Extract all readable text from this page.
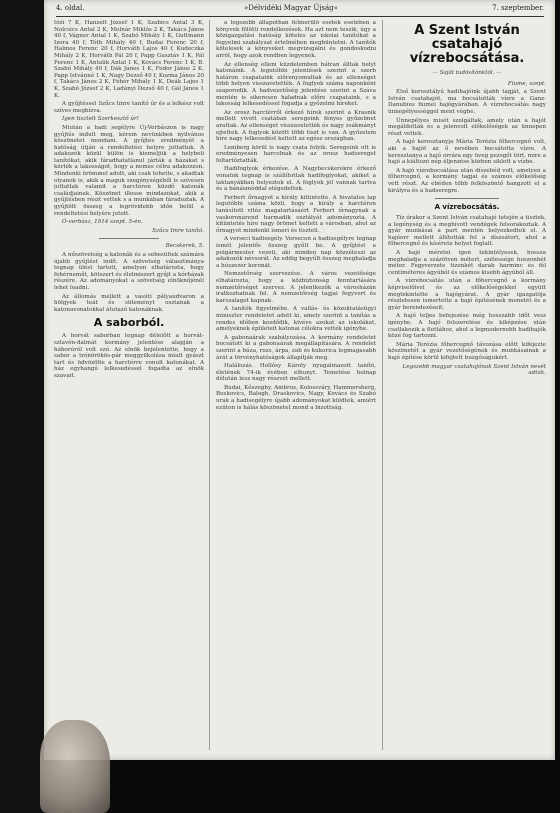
4. oldal.	»Délvidéki Magyar Újság«	7. szeptember.

tőzi 7 K, Hanzelt József 1 K, Szabics Antal 3 K, Nolcsics Antal 2 K, Molnár Miklós 2 K, Takács János 40 f, Vágner Antal 1 K, Szabó Mihály 1 K, Guttmann Izora 40 f, Tóth Mihály 40 f, Budai Ferenc 20 f, Halmos Ferenc 20 f, Horváth Lajos 40 f, Kudeczka Mihály 2 K, Horváth Pál 20 f, Papp Gusztáv 1 K, Pál Ferenc 1 K, Antalik Antal 1 K, Kovács Ferenc 1 K, B. Szabó Mihály 40 f, Dák János 1 K, Fodor János 2 K, Papp Istvánné 1 K, Nagy Dezső 40 f, Kozma János 20 f, Takács János 2 K, Fehér Mihály 1 K, Deák Lajos 1 K, Szabó József 2 K, Ladányi Dezső 40 f, Gál János 1 K.

A gyűjtéssel Szűcs Imre tanító úr és a lelkész volt szíves megbízva.

Igen tisztelt Szerkesztő úr!

Miután a hadi segélyre Új-Verbászon is nagy gyűjtés indult meg, kérem nevünkben nyilvános köszönetet mondani. A gyűjtés eredményét a hatóság útján a rendeltetési helyre juttattuk. A adakozók közül külön is kiemeljük a helybeli tanítókat, akik fáradhatatlanul járták a házakat s kérték a lakosságot, hogy a nemes célra adakozzon. Mindenki örömmel adott, aki csak tehette, s akadtak olyanok is, akik a maguk szegénységéből is szívesen juttattak valamit a harctéren küzdő katonák családjainak. Köszönet illesse mindazokat, akik a gyűjtésben részt vettek s a munkában fáradoztak. A gyűjtött összeg a legrövidebb időn belül a rendeltetési helyére jutott.

Ó-verbász, 1914 szept. 5-én.

Szűcs Imre tanító.

Becskerek, 5.

A nőszövetség a katonák és a sebesültek számára újabb gyűjtést indít. A szövetség választmánya tegnap ülést tartott, amelyen elhatározta, hogy fehérneműt, kötszert és élelmiszert gyűjt a kórházak részére. Az adományokat a szövetség elnöknőjénél lehet leadni.

Az állomás mellett a vasúti pályaudvaron a hölgyek teát és süteményt osztanak a katonavonatokkal átutazó katonáknak.

A saborból.

A horvát saborban tegnap délelőtt a horvát-szlavón-dalmát kormány jelentése alapján a háborúról volt szó. Az elnök bejelentette, hogy a sabor a trónörökös-pár meggyilkolása miatt gyászt tart és üdvözölte a harctérre vonult katonákat. A ház egyhangú lelkesedéssel fogadta az elnök szavait.

a legszebb állapotban felmerülő esetek esetében a könyvek fölötti rendelkezések. Ha azt nem teszik, úgy a közigazgatási hatóság köteles az iskolai tanítókat a fegyelmi szabályzat értelmében megbüntetni. A tanítók kötelesek a könyveket megvizsgálni és gondoskodni arról, hogy azok rendben legyenek.

Az ellenség elleni küzdelemben bátran álltak helyt katonáink. A legutóbbi jelentések szerint a szerb határon csapataink előrenyomultak és az ellenséget több helyen visszavetették. A foglyok száma naponként szaporodik. A hadvezetőség jelentése szerint a Száva mentén is sikeresen haladnak előre csapataink, s a lakosság lelkesedéssel fogadja a győzelmi híreket.

Az orosz harctérről érkező hírek szerint a Krasnik mellett vívott csatában seregeink fényes győzelmet arattak. Az ellenséget visszavetették és nagy zsákmányt ejtettek. A foglyok között több tiszt is van. A győzelem híre nagy lelkesedést keltett az egész országban.

Lemberg körül is nagy csata folyik. Seregeink ott is eredményesen harcolnak és az orosz hadsereget feltartóztatták.

Hadifoglyok érkezése. A Nagybecskerekre érkező vonatok tegnap is szállítottak hadifoglyokat, akiket a laktanyákban helyeztek el. A foglyok jól vannak tartva és a bánásmóddal elégedettek.

Ferbert őrnagyot a király kitüntette. A hivatalos lap legutóbbi száma közli, hogy a király a harctéren tanúsított vitéz magatartásáért Ferbert őrnagynak a vaskoronarend harmadik osztályát adományozta. A kitüntetés híre nagy örömet keltett a városban, ahol az őrnagyot mindenki ismeri és tiszteli.

A verseci hadisegély. Versecen a hadisegélyre tegnap ismét jelentős összeg gyűlt be. A gyűjtést a polgármester vezeti, aki minden nap közzéteszi az adakozók névsorát. Az eddig begyűlt összeg meghaladja a húszezer koronát.

Nemzetőrség szervezése. A város vezetősége elhatározta, hogy a közbiztonság fenntartására nemzetőrséget szervez. A jelentkezők a városházán iratkozhatnak fel. A nemzetőrség tagjai fegyvert és karszalagot kapnak.

A tanítók figyelmébe. A vallás- és közoktatásügyi miniszter rendeletet adott ki, amely szerint a tanítás a rendes időben kezdődik, kivéve azokat az iskolákat, amelyeknek épületeit katonai célokra vették igénybe.

A gabonaárak szabályozása. A kormány rendeletet bocsátott ki a gabonaárak megállapítására. A rendelet szerint a búza, rozs, árpa, zab és kukorica legmagasabb árát a törvényhatóságok állapítják meg.

Halálozás. Hollósy Károly nyugalmazott tanító, életének 74-ik évében elhunyt. Temetése holnap délután lesz nagy részvét mellett.

Budai, Kőszeghy, Ambrus, Kolossváry, Hammersberg, Boskovics, Balogh, Draskovics, Nagy, Kovács és Szabó urak a hadisegélyre újabb adományokat küldtek, amiért ezúton is hálás köszönetet mond a bizottság.

A Szent István csatahajó vízrebocsátása.
— Saját tudósítónktól. —

Fiume, szept.

Első korosztályú hadihajóink újabb tagját, a Szent István csatahajót, ma bocsátották vízre a Ganz-Danubius fiumei hajógyárában. A vízrebocsátás nagy ünnepélyességgel ment végbe.

Ünnepélyes misét szolgáltak, amely után a hajót megáldották és a jelenvolt előkelőségek az ünnepen részt vettek.

A hajó keresztanyja Mária Terézia főhercegnő volt, aki a hajót az ő nevében bocsátotta vízre. A keresztanya a hajó orrára egy üveg pezsgőt tört, mire a hajó a kiáltozó nép éljenzése közben siklott a vízbe.

A hajó vízrebocsátása után díszebéd volt, amelyen a főhercegnő, a kormány tagjai és számos előkelőség vett részt. Az ebéden több felköszöntő hangzott el a királyra és a hadseregre.

A vízrebocsátás.

Tíz órakor a Szent István csatahajó tetején a tisztek, a legénység és a meghívott vendégek felsorakoztak. A gyár munkásai a part mentén helyezkedtek el. A hajóorr mellett állították fel a díszsátort, ahol a főhercegnő és kísérete helyet foglalt.

A hajó méretei igen tekintélyesek, hossza meghaladja a százötven métert, szélessége huszonhét méter. Fegyverzete tizenkét darab harminc és fél centiméteres ágyúból és számos kisebb ágyúból áll.

A vízrebocsátás után a főhercegnő a kormány képviselőivel és az előkelőségekkel együtt megtekintette a hajógyárat. A gyár igazgatója részletesen ismertette a hajó építésének menetét és a gyár berendezéseit.

A hajó teljes befejezése még hosszabb időt vesz igénybe. A hajó felszerelése és kiképzése után csatlakozik a flottához, ahol a legmodernebb hadihajók közé fog tartozni.

Mária Terézia főhercegnő távozása előtt kifejezte köszönetét a gyár vezetőségének és munkásainak a hajó építése körül kifejtett buzgóságukért.

Legszebb magyar csatahajónak Szent István nevét adták.
